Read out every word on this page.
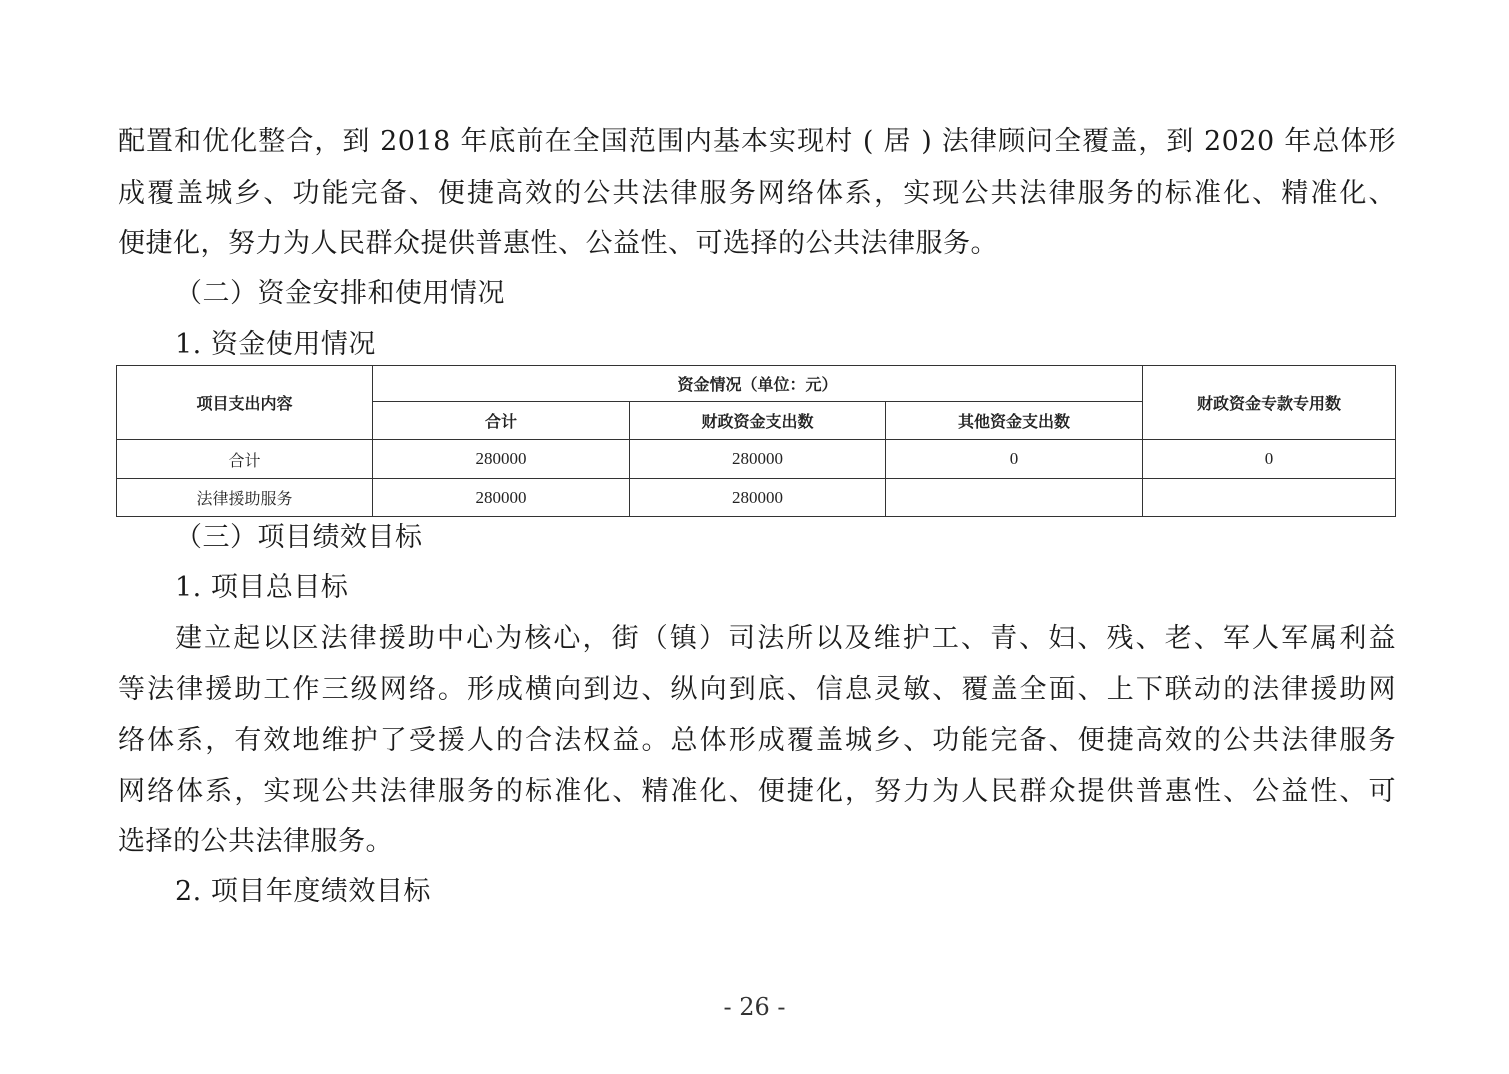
配置和优化整合，到 2018 年底前在全国范围内基本实现村 ( 居 ) 法律顾问全覆盖，到 2020 年总体形
成覆盖城乡、功能完备、便捷高效的公共法律服务网络体系，实现公共法律服务的标准化、精准化、
便捷化，努力为人民群众提供普惠性、公益性、可选择的公共法律服务。
（二）资金安排和使用情况
1. 资金使用情况
项目支出内容	资金情况（单位：元）			财政资金专款专用数
	合计	财政资金支出数	其他资金支出数	
合计	280000	280000	0	0
法律援助服务	280000	280000		
（三）项目绩效目标
1. 项目总目标
建立起以区法律援助中心为核心，街（镇）司法所以及维护工、青、妇、残、老、军人军属利益
等法律援助工作三级网络。形成横向到边、纵向到底、信息灵敏、覆盖全面、上下联动的法律援助网
络体系，有效地维护了受援人的合法权益。总体形成覆盖城乡、功能完备、便捷高效的公共法律服务
网络体系，实现公共法律服务的标准化、精准化、便捷化，努力为人民群众提供普惠性、公益性、可
选择的公共法律服务。
2. 项目年度绩效目标
- 26 -
